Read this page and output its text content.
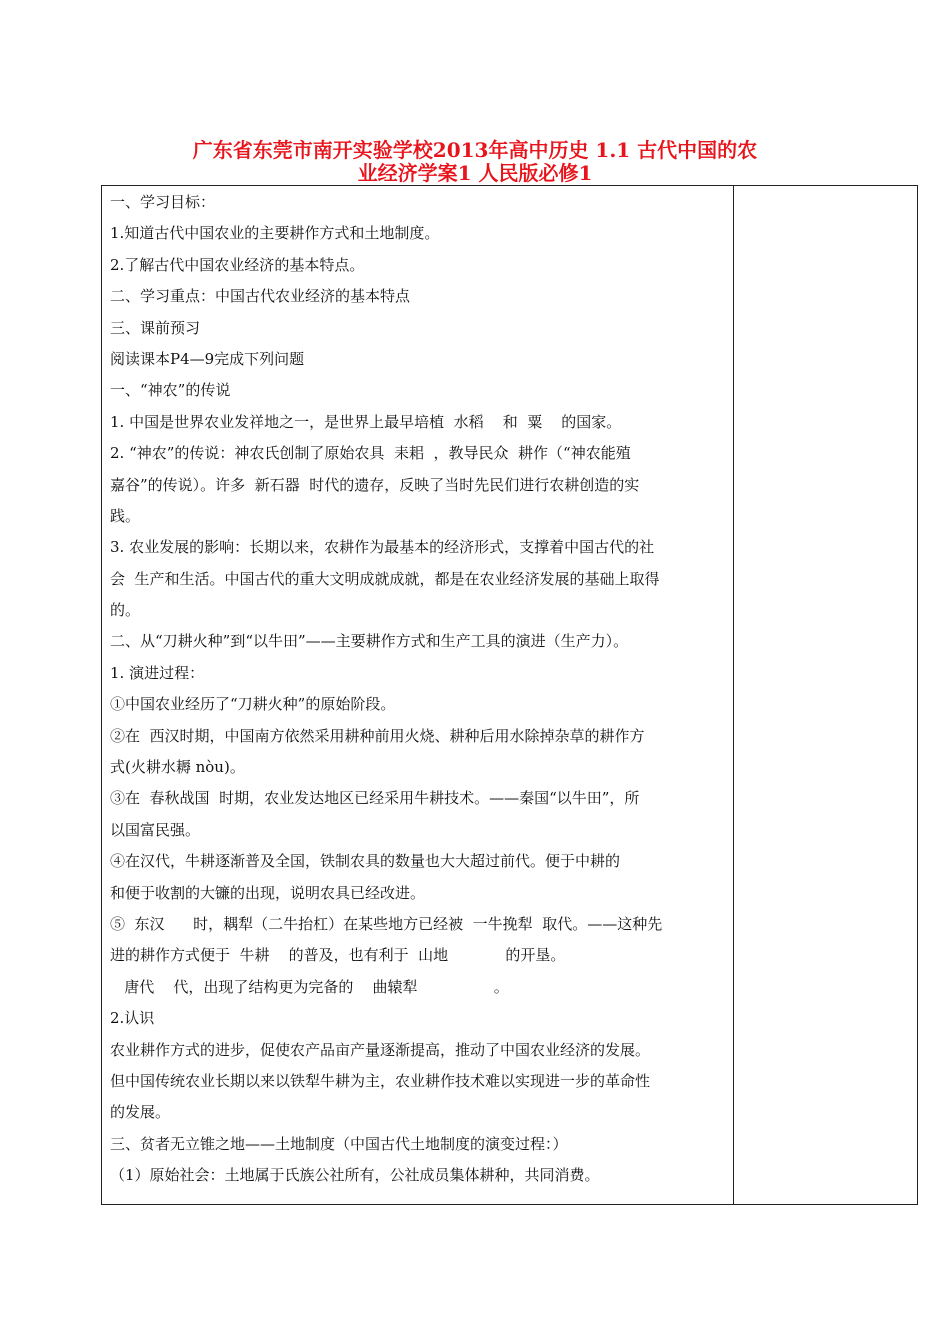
广东省东莞市南开实验学校2013年高中历史 1.1 古代中国的农
业经济学案1 人民版必修1
一、学习目标：
1.知道古代中国农业的主要耕作方式和土地制度。
2.了解古代中国农业经济的基本特点。
二、学习重点：中国古代农业经济的基本特点
三、课前预习
阅读课本P4—9完成下列问题
一、“神农”的传说
1. 中国是世界农业发祥地之一，是世界上最早培植  水稻    和  粟    的国家。
2. “神农”的传说：神农氏创制了原始农具  耒耜  ，教导民众  耕作（“神农能殖
嘉谷”的传说）。许多  新石器  时代的遗存，反映了当时先民们进行农耕创造的实
践。
3. 农业发展的影响：长期以来，农耕作为最基本的经济形式，支撑着中国古代的社
会  生产和生活。中国古代的重大文明成就成就，都是在农业经济发展的基础上取得
的。
二、从“刀耕火种”到“以牛田”——主要耕作方式和生产工具的演进（生产力）。
1. 演进过程：
①中国农业经历了“刀耕火种”的原始阶段。
②在  西汉时期，中国南方依然采用耕种前用火烧、耕种后用水除掉杂草的耕作方
式(火耕水耨 nòu)。
③在  春秋战国  时期，农业发达地区已经采用牛耕技术。——秦国“以牛田”，所
以国富民强。
④在汉代，牛耕逐渐普及全国，铁制农具的数量也大大超过前代。便于中耕的
和便于收割的大镰的出现，说明农具已经改进。
⑤  东汉      时，耦犁（二牛抬杠）在某些地方已经被  一牛挽犁  取代。——这种先
进的耕作方式便于  牛耕    的普及，也有利于  山地            的开垦。
唐代    代，出现了结构更为完备的    曲辕犁                。
2.认识
农业耕作方式的进步，促使农产品亩产量逐渐提高，推动了中国农业经济的发展。
但中国传统农业长期以来以铁犁牛耕为主，农业耕作技术难以实现进一步的革命性
的发展。
三、贫者无立锥之地——土地制度（中国古代土地制度的演变过程：）
（1）原始社会：土地属于氏族公社所有，公社成员集体耕种，共同消费。
